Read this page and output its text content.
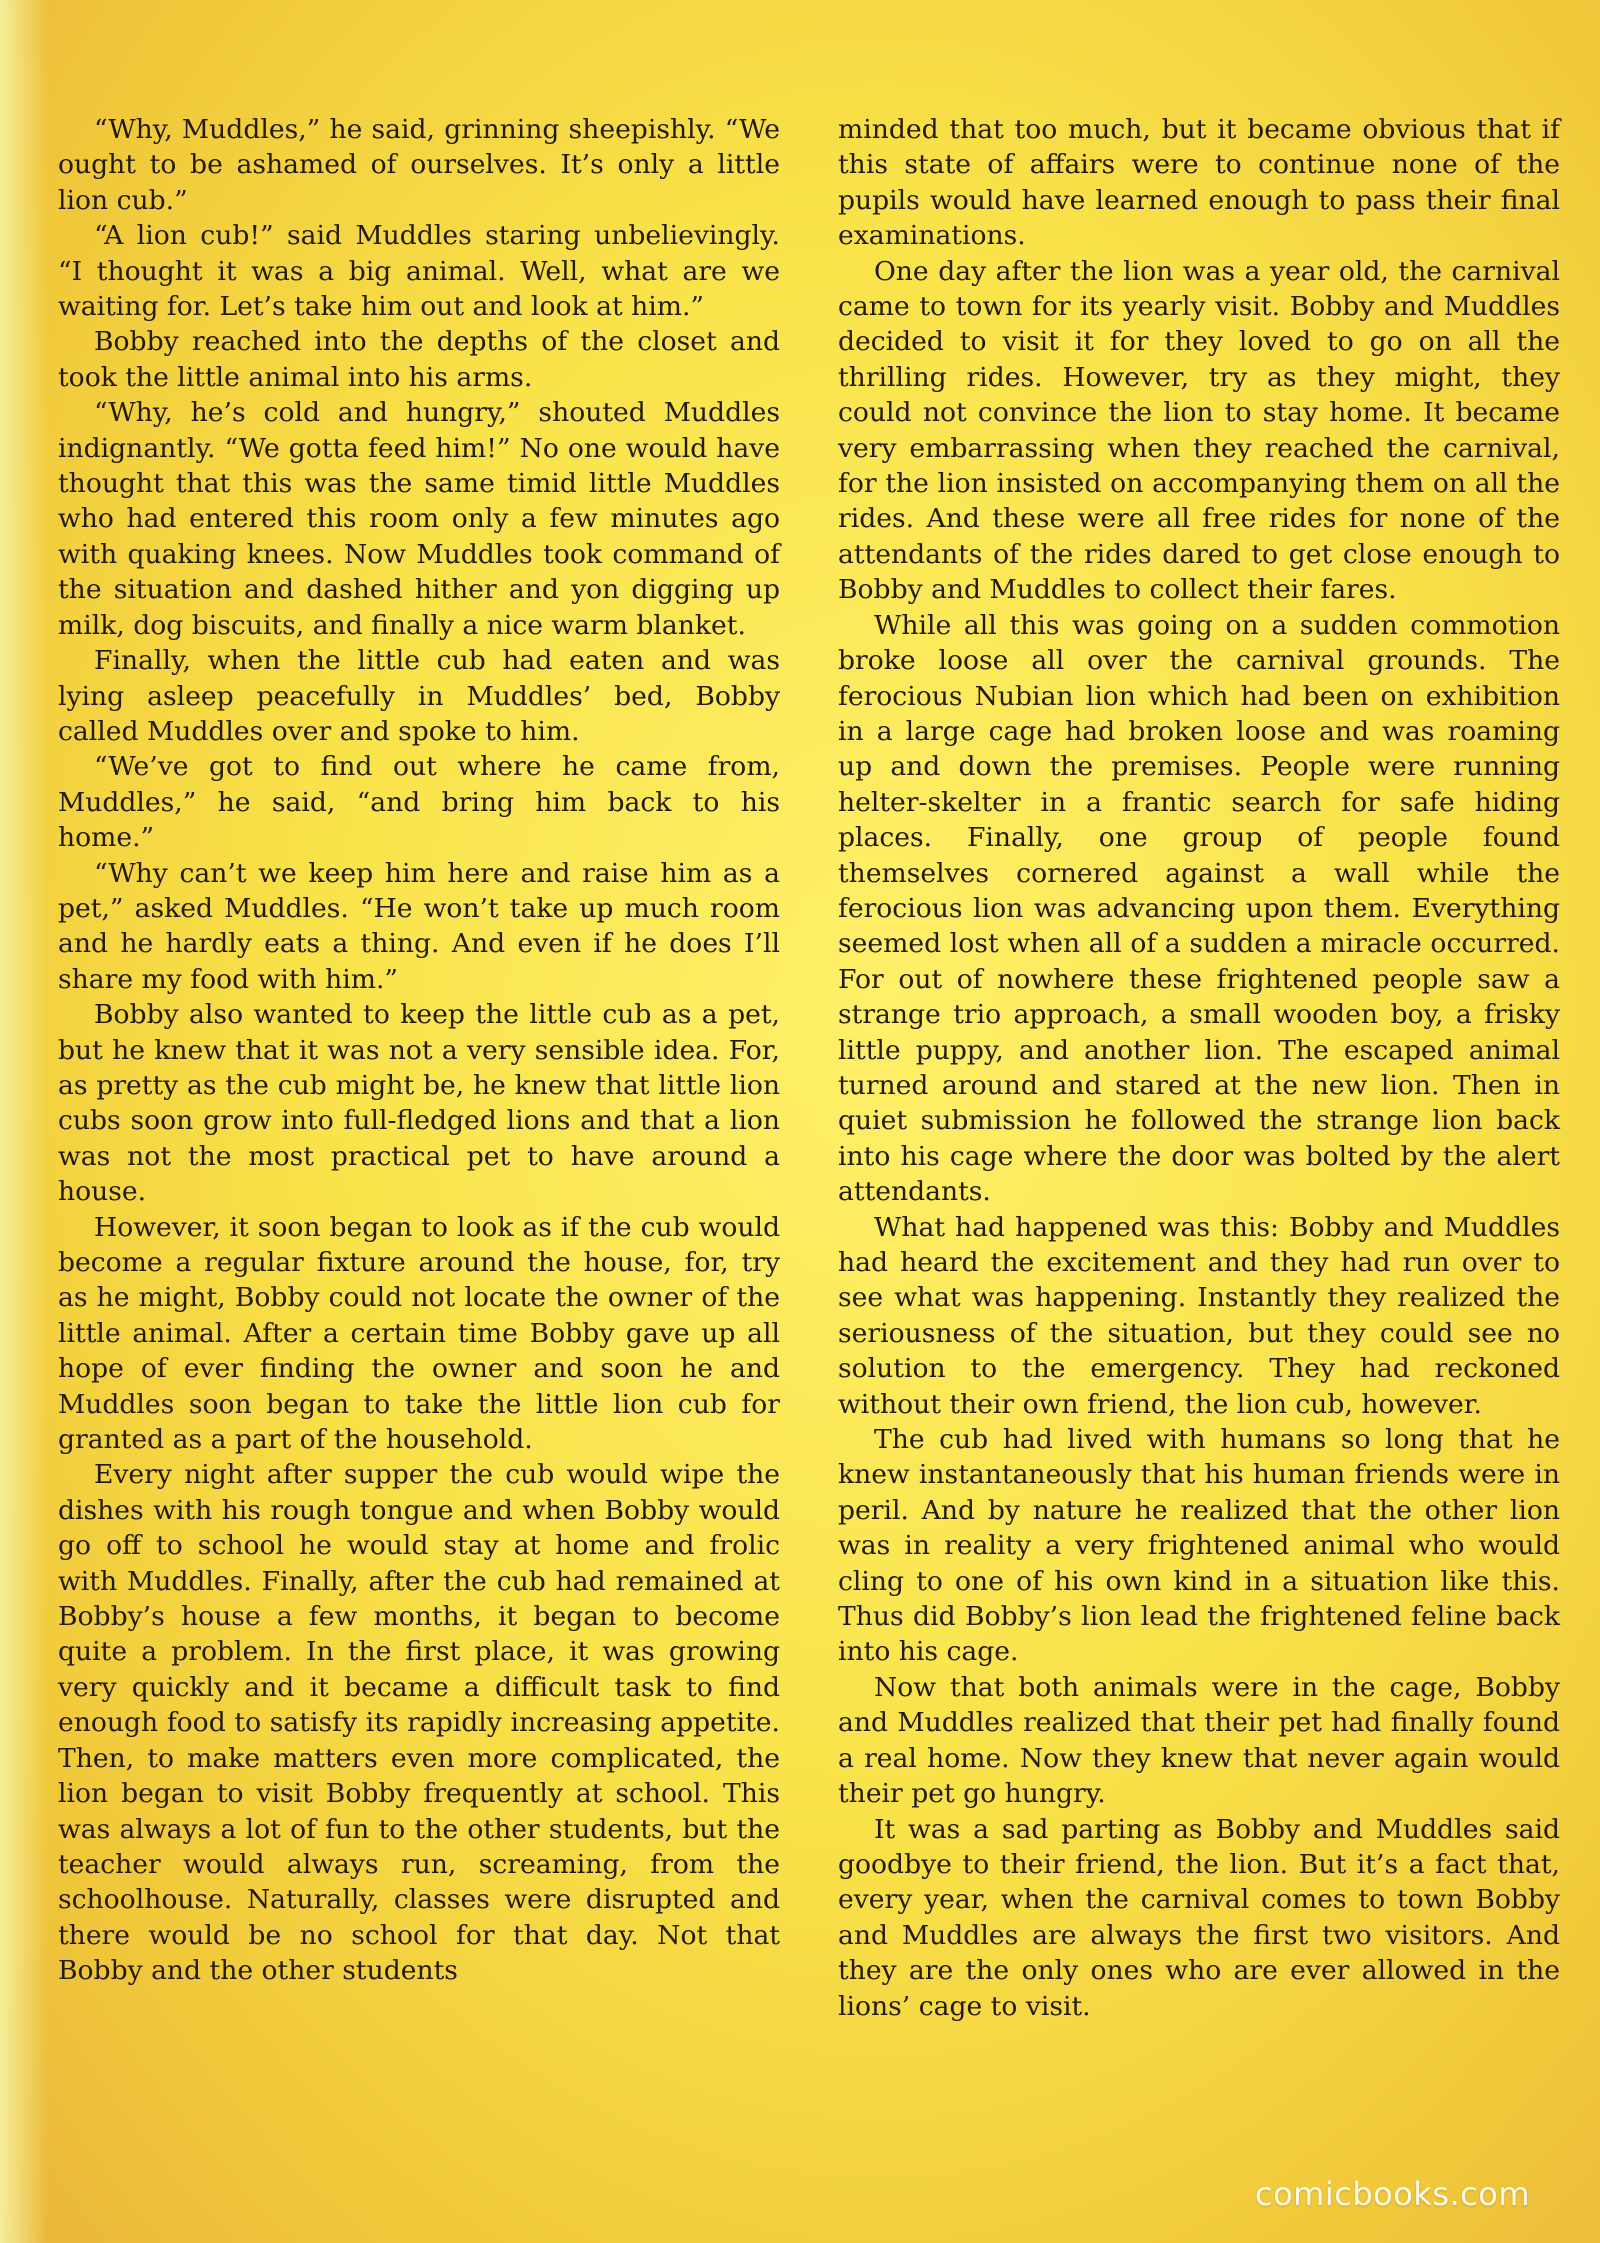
“Why, Muddles,” he said, grinning sheepishly. “We ought to be ashamed of ourselves. It’s only a little lion cub.”

“A lion cub!” said Muddles staring unbelievingly. “I thought it was a big animal. Well, what are we waiting for. Let’s take him out and look at him.”

Bobby reached into the depths of the closet and took the little animal into his arms.

“Why, he’s cold and hungry,” shouted Muddles indignantly. “We gotta feed him!” No one would have thought that this was the same timid little Muddles who had entered this room only a few minutes ago with quaking knees. Now Muddles took command of the situation and dashed hither and yon digging up milk, dog biscuits, and finally a nice warm blanket.

Finally, when the little cub had eaten and was lying asleep peacefully in Muddles’ bed, Bobby called Muddles over and spoke to him.

“We’ve got to find out where he came from, Muddles,” he said, “and bring him back to his home.”

“Why can’t we keep him here and raise him as a pet,” asked Muddles. “He won’t take up much room and he hardly eats a thing. And even if he does I’ll share my food with him.”

Bobby also wanted to keep the little cub as a pet, but he knew that it was not a very sensible idea. For, as pretty as the cub might be, he knew that little lion cubs soon grow into full-fledged lions and that a lion was not the most practical pet to have around a house.

However, it soon began to look as if the cub would become a regular fixture around the house, for, try as he might, Bobby could not locate the owner of the little animal. After a certain time Bobby gave up all hope of ever finding the owner and soon he and Muddles soon began to take the little lion cub for granted as a part of the household.

Every night after supper the cub would wipe the dishes with his rough tongue and when Bobby would go off to school he would stay at home and frolic with Muddles. Finally, after the cub had remained at Bobby’s house a few months, it began to become quite a problem. In the first place, it was growing very quickly and it became a difficult task to find enough food to satisfy its rapidly increasing appetite. Then, to make matters even more complicated, the lion began to visit Bobby frequently at school. This was always a lot of fun to the other students, but the teacher would always run, screaming, from the schoolhouse. Naturally, classes were disrupted and there would be no school for that day. Not that Bobby and the other students

minded that too much, but it became obvious that if this state of affairs were to continue none of the pupils would have learned enough to pass their final examinations.

One day after the lion was a year old, the carnival came to town for its yearly visit. Bobby and Muddles decided to visit it for they loved to go on all the thrilling rides. However, try as they might, they could not convince the lion to stay home. It became very embarrassing when they reached the carnival, for the lion insisted on accompanying them on all the rides. And these were all free rides for none of the attendants of the rides dared to get close enough to Bobby and Muddles to collect their fares.

While all this was going on a sudden commotion broke loose all over the carnival grounds. The ferocious Nubian lion which had been on exhibition in a large cage had broken loose and was roaming up and down the premises. People were running helter-skelter in a frantic search for safe hiding places. Finally, one group of people found themselves cornered against a wall while the ferocious lion was advancing upon them. Everything seemed lost when all of a sudden a miracle occurred. For out of nowhere these frightened people saw a strange trio approach, a small wooden boy, a frisky little puppy, and another lion. The escaped animal turned around and stared at the new lion. Then in quiet submission he followed the strange lion back into his cage where the door was bolted by the alert attendants.

What had happened was this: Bobby and Muddles had heard the excitement and they had run over to see what was happening. Instantly they realized the seriousness of the situation, but they could see no solution to the emergency. They had reckoned without their own friend, the lion cub, however.

The cub had lived with humans so long that he knew instantaneously that his human friends were in peril. And by nature he realized that the other lion was in reality a very frightened animal who would cling to one of his own kind in a situation like this. Thus did Bobby’s lion lead the frightened feline back into his cage.

Now that both animals were in the cage, Bobby and Muddles realized that their pet had finally found a real home. Now they knew that never again would their pet go hungry.

It was a sad parting as Bobby and Muddles said goodbye to their friend, the lion. But it’s a fact that, every year, when the carnival comes to town Bobby and Muddles are always the first two visitors. And they are the only ones who are ever allowed in the lions’ cage to visit.

comicbooks.com
